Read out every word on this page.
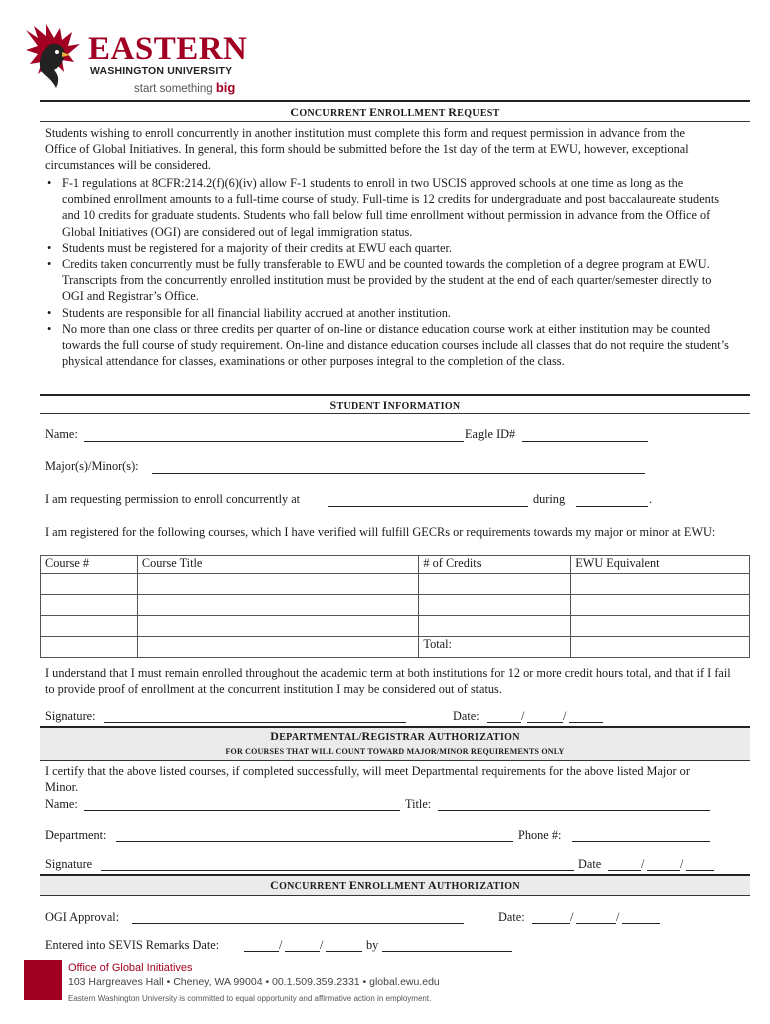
EASTERN
WASHINGTON UNIVERSITY
start something big
CONCURRENT ENROLLMENT REQUEST
Students wishing to enroll concurrently in another institution must complete this form and request permission in advance from the Office of Global Initiatives. In general, this form should be submitted before the 1st day of the term at EWU, however, exceptional circumstances will be considered.
• F-1 regulations at 8CFR:214.2(f)(6)(iv) allow F-1 students to enroll in two USCIS approved schools at one time as long as the combined enrollment amounts to a full-time course of study. Full-time is 12 credits for undergraduate and post baccalaureate students and 10 credits for graduate students. Students who fall below full time enrollment without permission in advance from the Office of Global Initiatives (OGI) are considered out of legal immigration status.
• Students must be registered for a majority of their credits at EWU each quarter.
• Credits taken concurrently must be fully transferable to EWU and be counted towards the completion of a degree program at EWU. Transcripts from the concurrently enrolled institution must be provided by the student at the end of each quarter/semester directly to OGI and Registrar’s Office.
• Students are responsible for all financial liability accrued at another institution.
• No more than one class or three credits per quarter of on-line or distance education course work at either institution may be counted towards the full course of study requirement. On-line and distance education courses include all classes that do not require the student’s physical attendance for classes, examinations or other purposes integral to the completion of the class.
STUDENT INFORMATION
Name:	Eagle ID#
Major(s)/Minor(s):
I am requesting permission to enroll concurrently at	during	.
I am registered for the following courses, which I have verified will fulfill GECRs or requirements towards my major or minor at EWU:
Course #	Course Title	# of Credits	EWU Equivalent

		Total:	
I understand that I must remain enrolled throughout the academic term at both institutions for 12 or more credit hours total, and that if I fail to provide proof of enrollment at the concurrent institution I may be considered out of status.
Signature:	Date:	/	/
DEPARTMENTAL/REGISTRAR AUTHORIZATION
FOR COURSES THAT WILL COUNT TOWARD MAJOR/MINOR REQUIREMENTS ONLY
I certify that the above listed courses, if completed successfully, will meet Departmental requirements for the above listed Major or Minor.
Name:	Title:
Department:	Phone #:
Signature	Date	/	/
CONCURRENT ENROLLMENT AUTHORIZATION
OGI Approval:	Date:	/	/
Entered into SEVIS Remarks Date:	/	/	by
Office of Global Initiatives
103 Hargreaves Hall • Cheney, WA 99004 • 00.1.509.359.2331 • global.ewu.edu
Eastern Washington University is committed to equal opportunity and affirmative action in employment.
